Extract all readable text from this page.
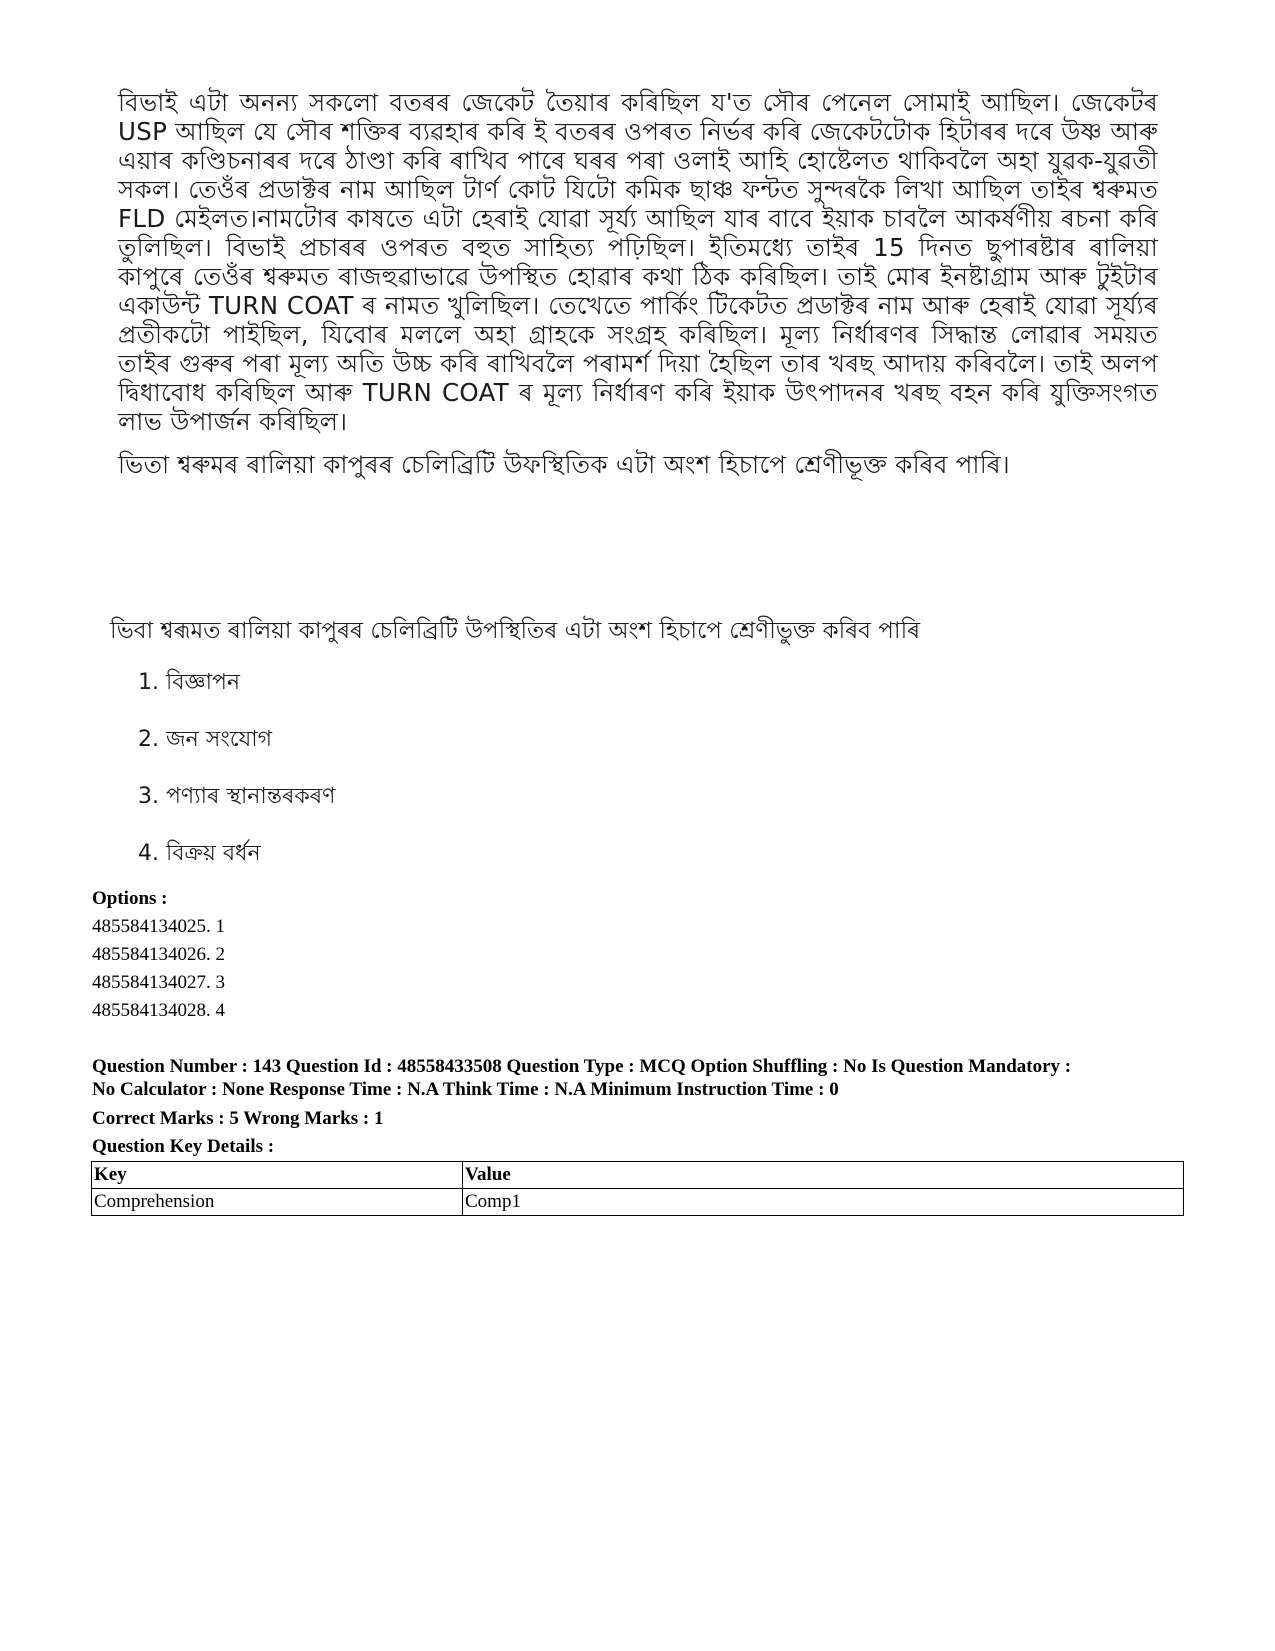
বিভাই এটা অনন্য সকলো বতৰৰ জেকেট তৈয়াৰ কৰিছিল য'ত সৌৰ পেনেল সোমাই আছিল। জেকেটৰ USP আছিল যে সৌৰ শক্তিৰ ব্যৱহাৰ কৰি ই বতৰৰ ওপৰত নিৰ্ভৰ কৰি জেকেটটোক হিটাৰৰ দৰে উষ্ণ আৰু এয়াৰ কণ্ডিচনাৰৰ দৰে ঠাণ্ডা কৰি ৰাখিব পাৰে ঘৰৰ পৰা ওলাই আহি হোষ্টেলত থাকিবলৈ অহা যুৱক-যুৱতী সকল। তেওঁৰ প্ৰডাক্টৰ নাম আছিল টাৰ্ণ কোট যিটো কমিক ছাঞ্চ ফন্টত সুন্দৰকৈ লিখা আছিল তাইৰ শ্বৰুমত FLD মেইলত।নামটোৰ কাষতে এটা হেৰাই যোৱা সূৰ্য্য আছিল যাৰ বাবে ইয়াক চাবলৈ আকৰ্ষণীয় ৰচনা কৰি তুলিছিল। বিভাই প্ৰচাৰৰ ওপৰত বহুত সাহিত্য পঢ়িছিল। ইতিমধ্যে তাইৰ 15 দিনত ছুপাৰষ্টাৰ ৰালিয়া কাপুৰে তেওঁৰ শ্বৰুমত ৰাজহুৱাভাৱে উপস্থিত হোৱাৰ কথা ঠিক কৰিছিল। তাই মোৰ ইনষ্টাগ্ৰাম আৰু টুইটাৰ একাউন্ট TURN COAT ৰ নামত খুলিছিল। তেখেতে পাৰ্কিং টিকেটত প্ৰডাক্টৰ নাম আৰু হেৰাই যোৱা সূৰ্য্যৰ প্ৰতীকটো পাইছিল, যিবোৰ মললে অহা গ্ৰাহকে সংগ্ৰহ কৰিছিল। মূল্য নিৰ্ধাৰণৰ সিদ্ধান্ত লোৱাৰ সময়ত তাইৰ গুৰুৰ পৰা মূল্য অতি উচ্চ কৰি ৰাখিবলৈ পৰামৰ্শ দিয়া হৈছিল তাৰ খৰছ আদায় কৰিবলৈ। তাই অলপ দ্বিধাবোধ কৰিছিল আৰু TURN COAT ৰ মূল্য নিৰ্ধাৰণ কৰি ইয়াক উৎপাদনৰ খৰছ বহন কৰি যুক্তিসংগত লাভ উপাৰ্জন কৰিছিল।

ভিতা শ্বৰুমৰ ৰালিয়া কাপুৰৰ চেলিব্ৰিটি উফস্থিতিক এটা অংশ হিচাপে শ্ৰেণীভূক্ত কৰিব পাৰি।

ভিবা শ্বৰূমত ৰালিয়া কাপুৰৰ চেলিব্ৰিটি উপস্থিতিৰ এটা অংশ হিচাপে শ্ৰেণীভুক্ত কৰিব পাৰি
1. বিজ্ঞাপন
2. জন সংযোগ
3. পণ্যাৰ স্থানান্তৰকৰণ
4. বিক্ৰয় বৰ্ধন
Options :
485584134025. 1
485584134026. 2
485584134027. 3
485584134028. 4
Question Number : 143 Question Id : 48558433508 Question Type : MCQ Option Shuffling : No Is Question Mandatory :
No Calculator : None Response Time : N.A Think Time : N.A Minimum Instruction Time : 0
Correct Marks : 5 Wrong Marks : 1
Question Key Details :
Key	Value
Comprehension	Comp1
